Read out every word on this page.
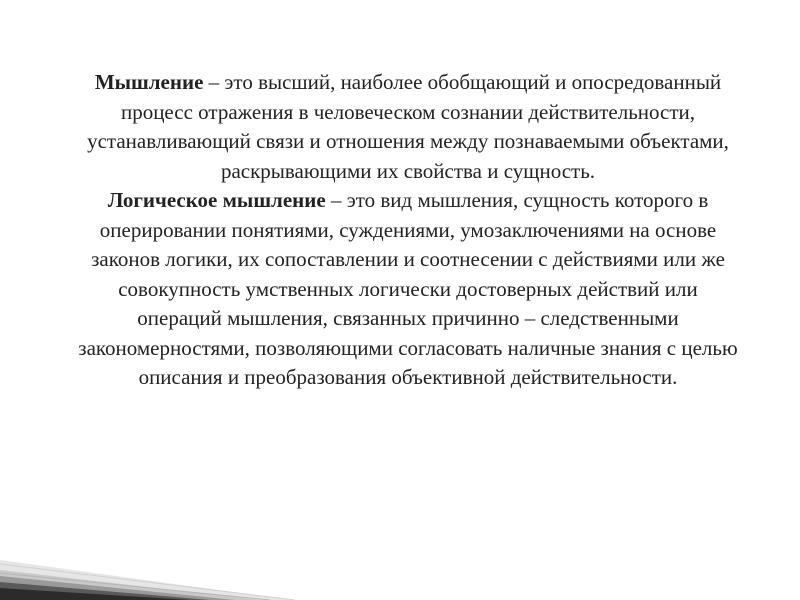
Мышление – это высший, наиболее обобщающий и опосредованный процесс отражения в человеческом сознании действительности, устанавливающий связи и отношения между познаваемыми объектами, раскрывающими их свойства и сущность.

Логическое мышление – это вид мышления, сущность которого в оперировании понятиями, суждениями, умозаключениями на основе законов логики, их сопоставлении и соотнесении с действиями или же совокупность умственных логически достоверных действий или операций мышления, связанных причинно – следственными закономерностями, позволяющими согласовать наличные знания с целью описания и преобразования объективной действительности.
